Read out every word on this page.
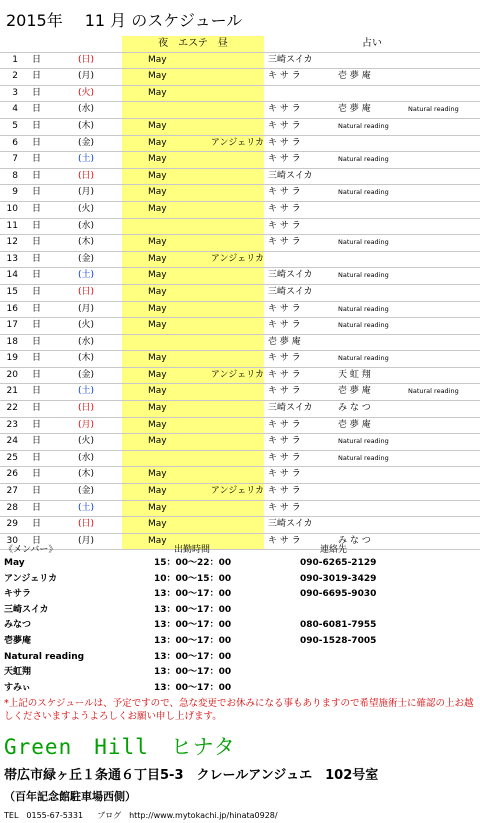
2015年 11 月 のスケジュール
			夜　エステ　昼		占い		
1	日	(日)	May		三崎スイカ		
2	日	(月)	May		キ サ ラ	壱 夢 庵	
3	日	(火)	May				
4	日	(水)			キ サ ラ	壱 夢 庵	Natural reading
5	日	(木)	May		キ サ ラ	Natural reading	
6	日	(金)	May	アンジェリカ	キ サ ラ		
7	日	(土)	May		キ サ ラ	Natural reading	
8	日	(日)	May		三崎スイカ		
9	日	(月)	May		キ サ ラ	Natural reading	
10	日	(火)	May		キ サ ラ		
11	日	(水)			キ サ ラ		
12	日	(木)	May		キ サ ラ	Natural reading	
13	日	(金)	May	アンジェリカ			
14	日	(土)	May		三崎スイカ	Natural reading	
15	日	(日)	May		三崎スイカ		
16	日	(月)	May		キ サ ラ	Natural reading	
17	日	(火)	May		キ サ ラ	Natural reading	
18	日	(水)			壱 夢 庵		
19	日	(木)	May		キ サ ラ	Natural reading	
20	日	(金)	May	アンジェリカ	キ サ ラ	天 虹 翔	
21	日	(土)	May		キ サ ラ	壱 夢 庵	Natural reading
22	日	(日)	May		三崎スイカ	み な つ	
23	日	(月)	May		キ サ ラ	壱 夢 庵	
24	日	(火)	May		キ サ ラ	Natural reading	
25	日	(水)			キ サ ラ	Natural reading	
26	日	(木)	May		キ サ ラ		
27	日	(金)	May	アンジェリカ	キ サ ラ		
28	日	(土)	May		キ サ ラ		
29	日	(日)	May		三崎スイカ		
30	日	(月)	May		キ サ ラ	み な つ	

《メンバー》	出勤時間	連絡先
May	15：00～22：00	090-6265-2129
アンジェリカ	10：00～15：00	090-3019-3429
キサラ	13：00～17：00	090-6695-9030
三崎スイカ	13：00～17：00
みなつ	13：00～17：00	080-6081-7955
壱夢庵	13：00～17：00	090-1528-7005
Natural reading	13：00～17：00
天虹翔	13：00～17：00
すみぃ	13：00～17：00
*上記のスケジュールは、予定ですので、急な変更でお休みになる事もありますので希望施術士に確認の上お越しくださいますようよろしくお願い申し上げます。
Green　Hill　ヒナタ
帯広市緑ヶ丘１条通６丁目5-3　クレールアンジュエ　102号室
（百年記念館駐車場西側）
TEL　0155-67-5331 ブログ　http://www.mytokachi.jp/hinata0928/
